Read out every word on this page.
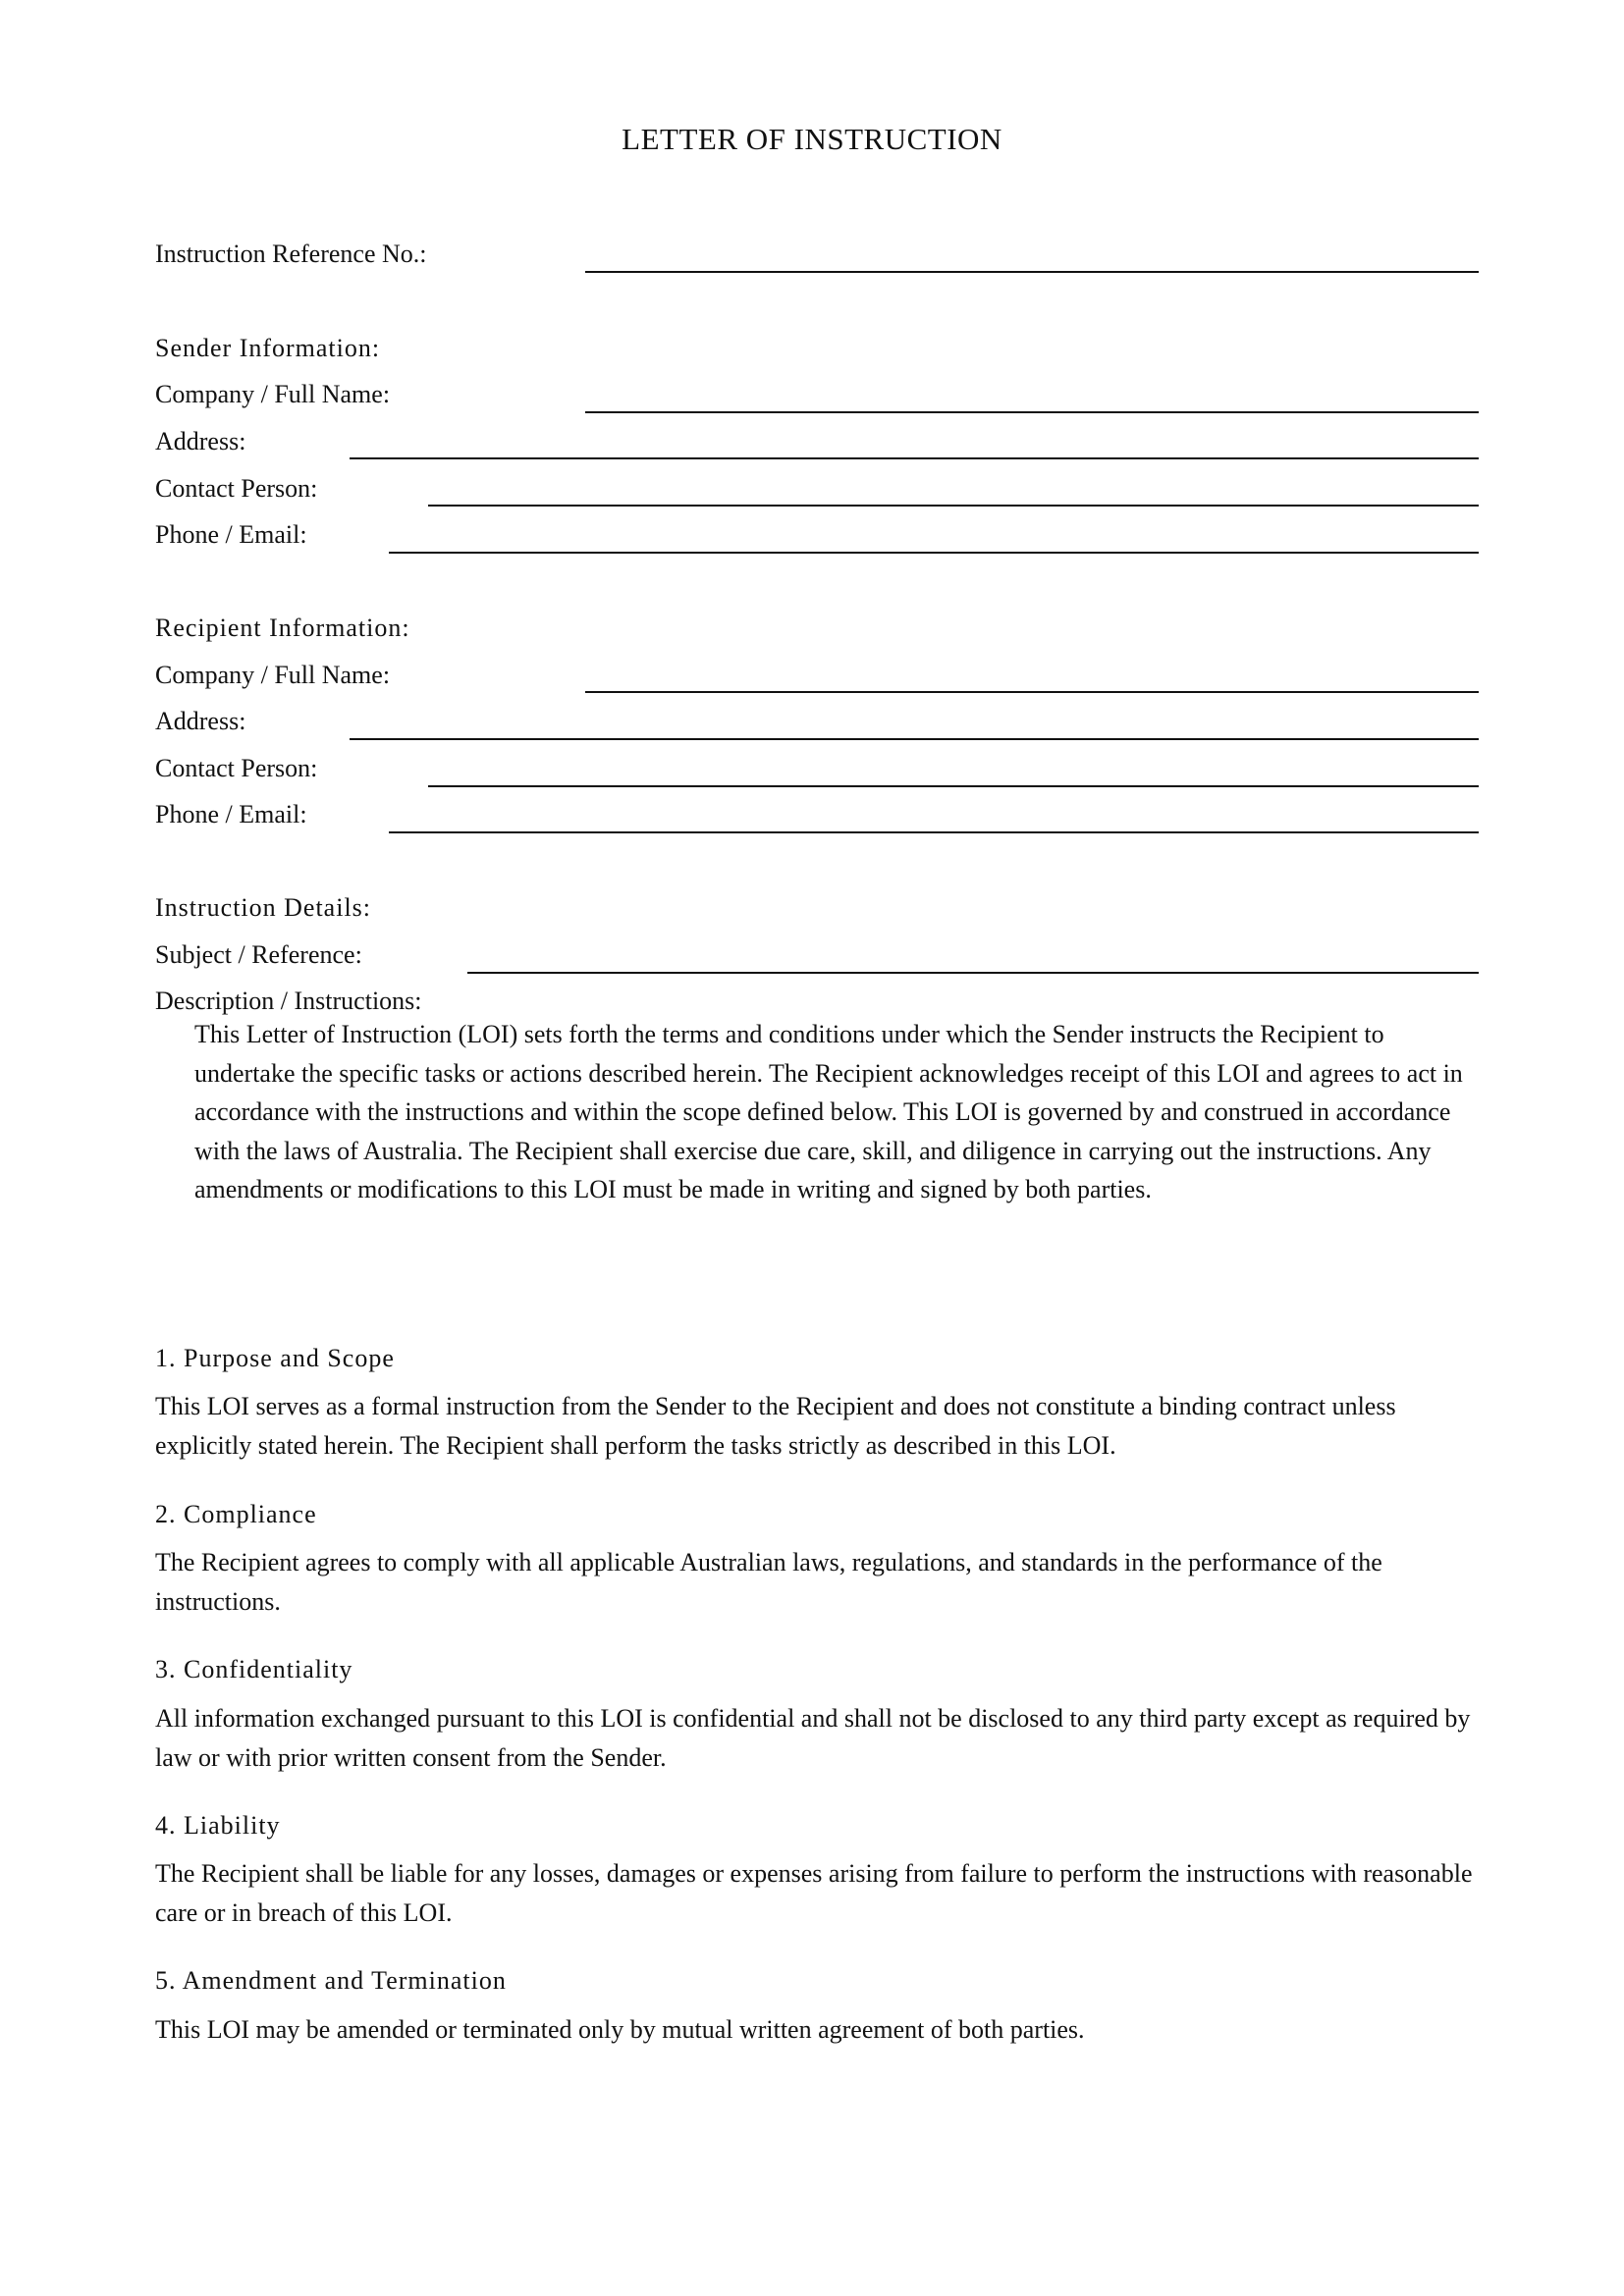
LETTER OF INSTRUCTION
Instruction Reference No.:
Sender Information:
Company / Full Name:
Address:
Contact Person:
Phone / Email:
Recipient Information:
Company / Full Name:
Address:
Contact Person:
Phone / Email:
Instruction Details:
Subject / Reference:
Description / Instructions:
This Letter of Instruction (LOI) sets forth the terms and conditions under which the Sender instructs the Recipient to undertake the specific tasks or actions described herein. The Recipient acknowledges receipt of this LOI and agrees to act in accordance with the instructions and within the scope defined below. This LOI is governed by and construed in accordance with the laws of Australia. The Recipient shall exercise due care, skill, and diligence in carrying out the instructions. Any amendments or modifications to this LOI must be made in writing and signed by both parties.
1. Purpose and Scope
This LOI serves as a formal instruction from the Sender to the Recipient and does not constitute a binding contract unless explicitly stated herein. The Recipient shall perform the tasks strictly as described in this LOI.
2. Compliance
The Recipient agrees to comply with all applicable Australian laws, regulations, and standards in the performance of the instructions.
3. Confidentiality
All information exchanged pursuant to this LOI is confidential and shall not be disclosed to any third party except as required by law or with prior written consent from the Sender.
4. Liability
The Recipient shall be liable for any losses, damages or expenses arising from failure to perform the instructions with reasonable care or in breach of this LOI.
5. Amendment and Termination
This LOI may be amended or terminated only by mutual written agreement of both parties.
